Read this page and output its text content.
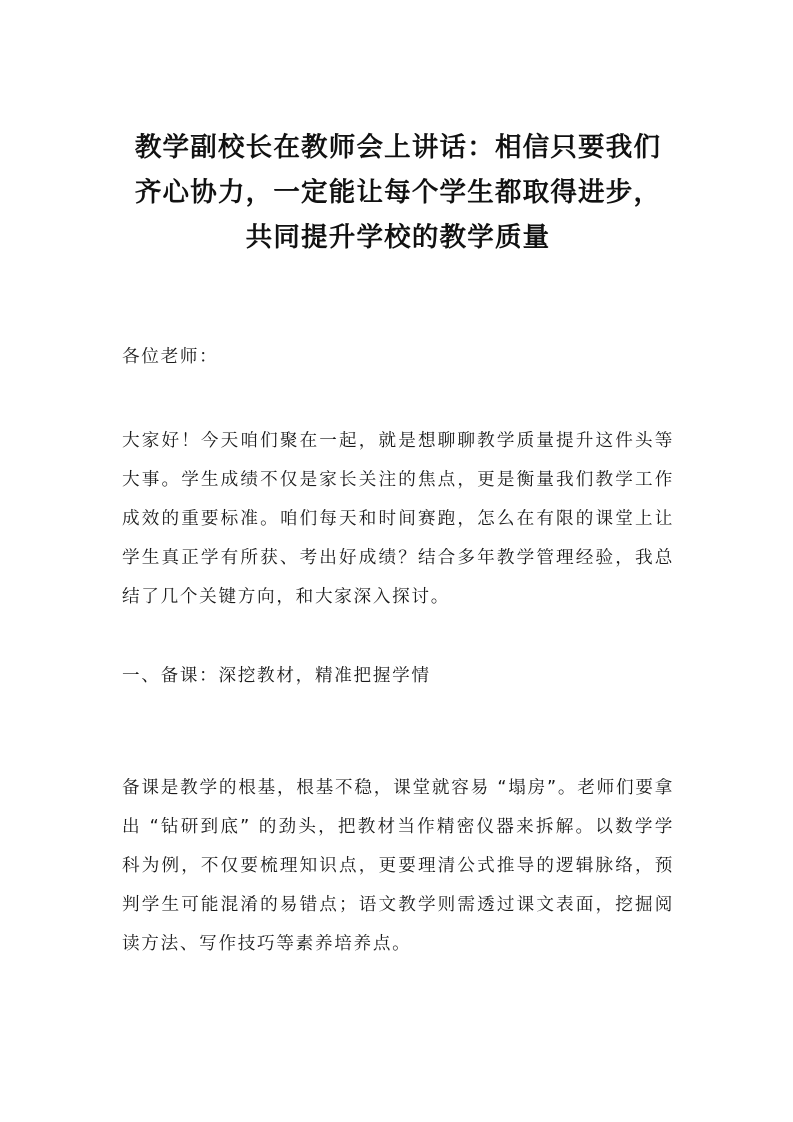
教学副校长在教师会上讲话：相信只要我们
齐心协力，一定能让每个学生都取得进步，
共同提升学校的教学质量

各位老师：

大家好！今天咱们聚在一起，就是想聊聊教学质量提升这件头等大事。学生成绩不仅是家长关注的焦点，更是衡量我们教学工作成效的重要标准。咱们每天和时间赛跑，怎么在有限的课堂上让学生真正学有所获、考出好成绩？结合多年教学管理经验，我总结了几个关键方向，和大家深入探讨。

一、备课：深挖教材，精准把握学情

备课是教学的根基，根基不稳，课堂就容易 “塌房”。老师们要拿出 “钻研到底” 的劲头，把教材当作精密仪器来拆解。以数学学科为例，不仅要梳理知识点，更要理清公式推导的逻辑脉络，预判学生可能混淆的易错点；语文教学则需透过课文表面，挖掘阅读方法、写作技巧等素养培养点。
